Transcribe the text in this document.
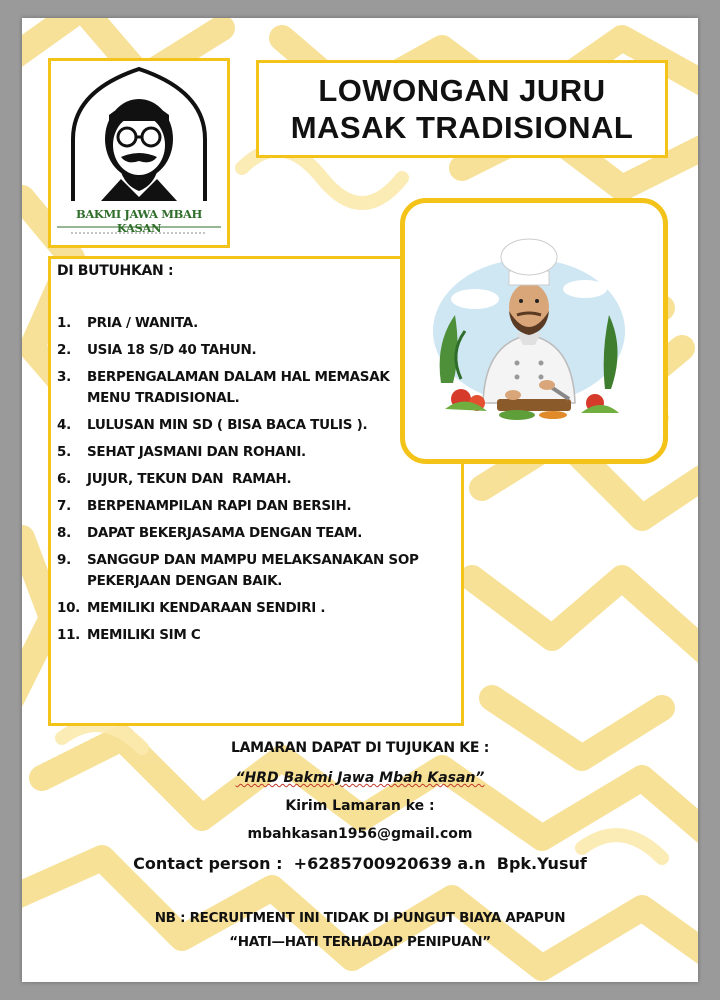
BAKMI JAWA MBAH KASAN
LOWONGAN JURU
MASAK TRADISIONAL
DI BUTUHKAN :
1.	PRIA / WANITA.
2.	USIA 18 S/D 40 TAHUN.
3.	BERPENGALAMAN DALAM HAL MEMASAK MENU TRADISIONAL.
4.	LULUSAN MIN SD ( BISA BACA TULIS ).
5.	SEHAT JASMANI DAN ROHANI.
6.	JUJUR, TEKUN DAN  RAMAH.
7.	BERPENAMPILAN RAPI DAN BERSIH.
8.	DAPAT BEKERJASAMA DENGAN TEAM.
9.	SANGGUP DAN MAMPU MELAKSANAKAN SOP PEKERJAAN DENGAN BAIK.
10. MEMILIKI KENDARAAN SENDIRI .
11. MEMILIKI SIM C
LAMARAN DAPAT DI TUJUKAN KE :
“HRD Bakmi Jawa Mbah Kasan”
Kirim Lamaran ke :
mbahkasan1956@gmail.com
Contact person :  +6285700920639 a.n  Bpk.Yusuf
NB : RECRUITMENT INI TIDAK DI PUNGUT BIAYA APAPUN
“HATI—HATI TERHADAP PENIPUAN”
